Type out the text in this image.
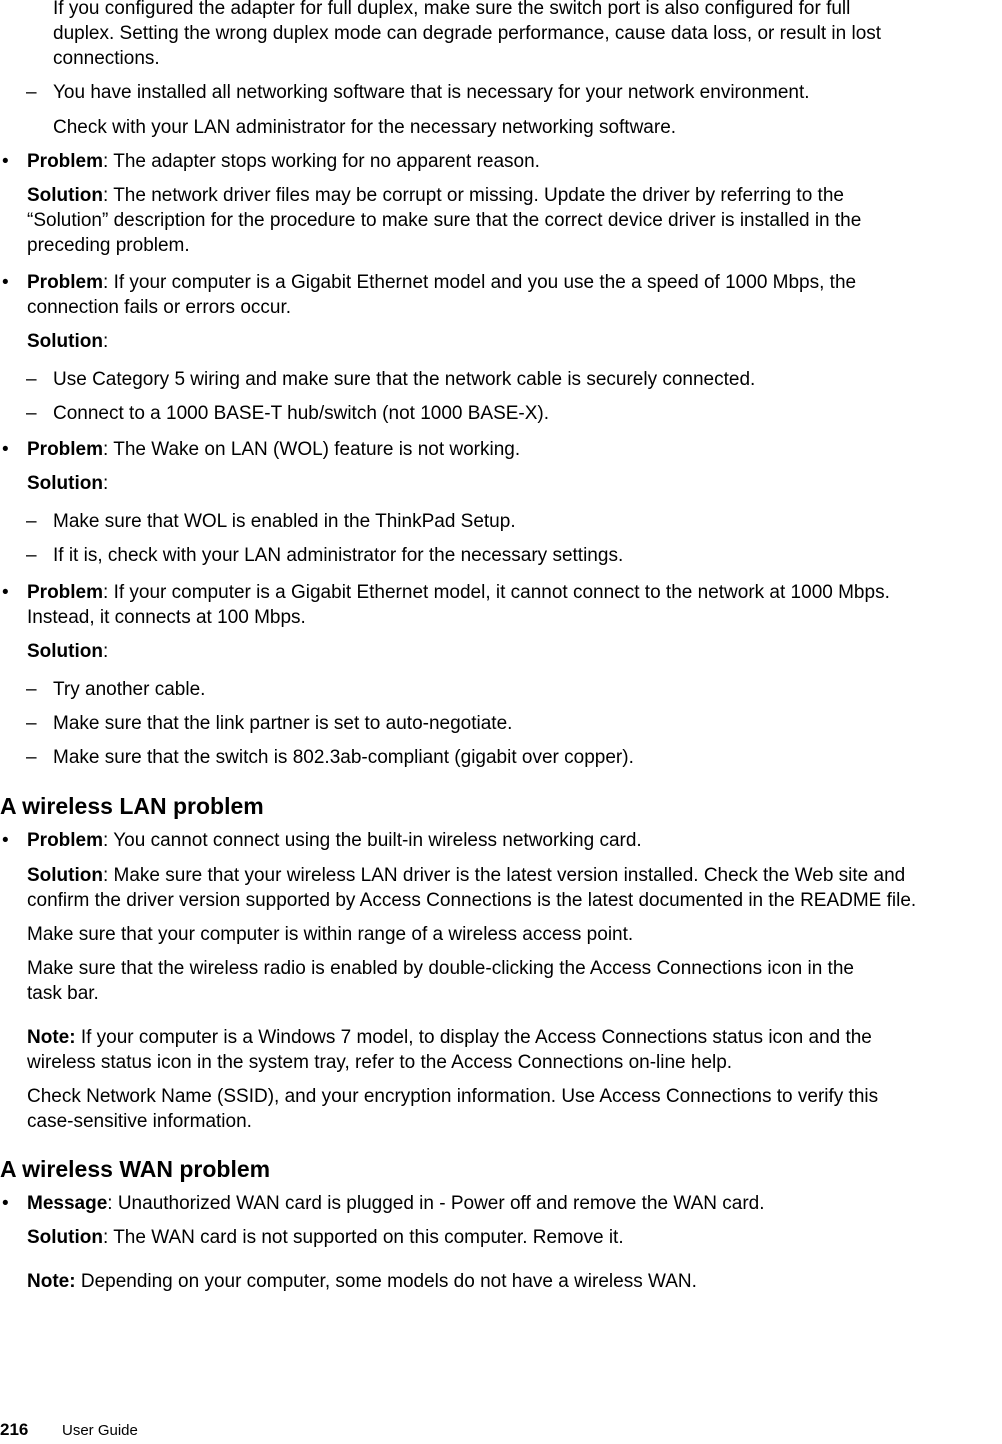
If you configured the adapter for full duplex, make sure the switch port is also configured for full

duplex. Setting the wrong duplex mode can degrade performance, cause data loss, or result in lost

connections.

– You have installed all networking software that is necessary for your network environment.

Check with your LAN administrator for the necessary networking software.

• Problem: The adapter stops working for no apparent reason.

Solution: The network driver files may be corrupt or missing. Update the driver by referring to the

“Solution” description for the procedure to make sure that the correct device driver is installed in the

preceding problem.

• Problem: If your computer is a Gigabit Ethernet model and you use the a speed of 1000 Mbps, the

connection fails or errors occur.

Solution:

– Use Category 5 wiring and make sure that the network cable is securely connected.

– Connect to a 1000 BASE-T hub/switch (not 1000 BASE-X).

• Problem: The Wake on LAN (WOL) feature is not working.

Solution:

– Make sure that WOL is enabled in the ThinkPad Setup.

– If it is, check with your LAN administrator for the necessary settings.

• Problem: If your computer is a Gigabit Ethernet model, it cannot connect to the network at 1000 Mbps.

Instead, it connects at 100 Mbps.

Solution:

– Try another cable.

– Make sure that the link partner is set to auto-negotiate.

– Make sure that the switch is 802.3ab-compliant (gigabit over copper).

A wireless LAN problem
• Problem: You cannot connect using the built-in wireless networking card.

Solution: Make sure that your wireless LAN driver is the latest version installed. Check the Web site and

confirm the driver version supported by Access Connections is the latest documented in the README file.

Make sure that your computer is within range of a wireless access point.

Make sure that the wireless radio is enabled by double-clicking the Access Connections icon in the

task bar.

Note: If your computer is a Windows 7 model, to display the Access Connections status icon and the

wireless status icon in the system tray, refer to the Access Connections on-line help.

Check Network Name (SSID), and your encryption information. Use Access Connections to verify this

case-sensitive information.

A wireless WAN problem
• Message: Unauthorized WAN card is plugged in - Power off and remove the WAN card.

Solution: The WAN card is not supported on this computer. Remove it.

Note: Depending on your computer, some models do not have a wireless WAN.

216 User Guide
